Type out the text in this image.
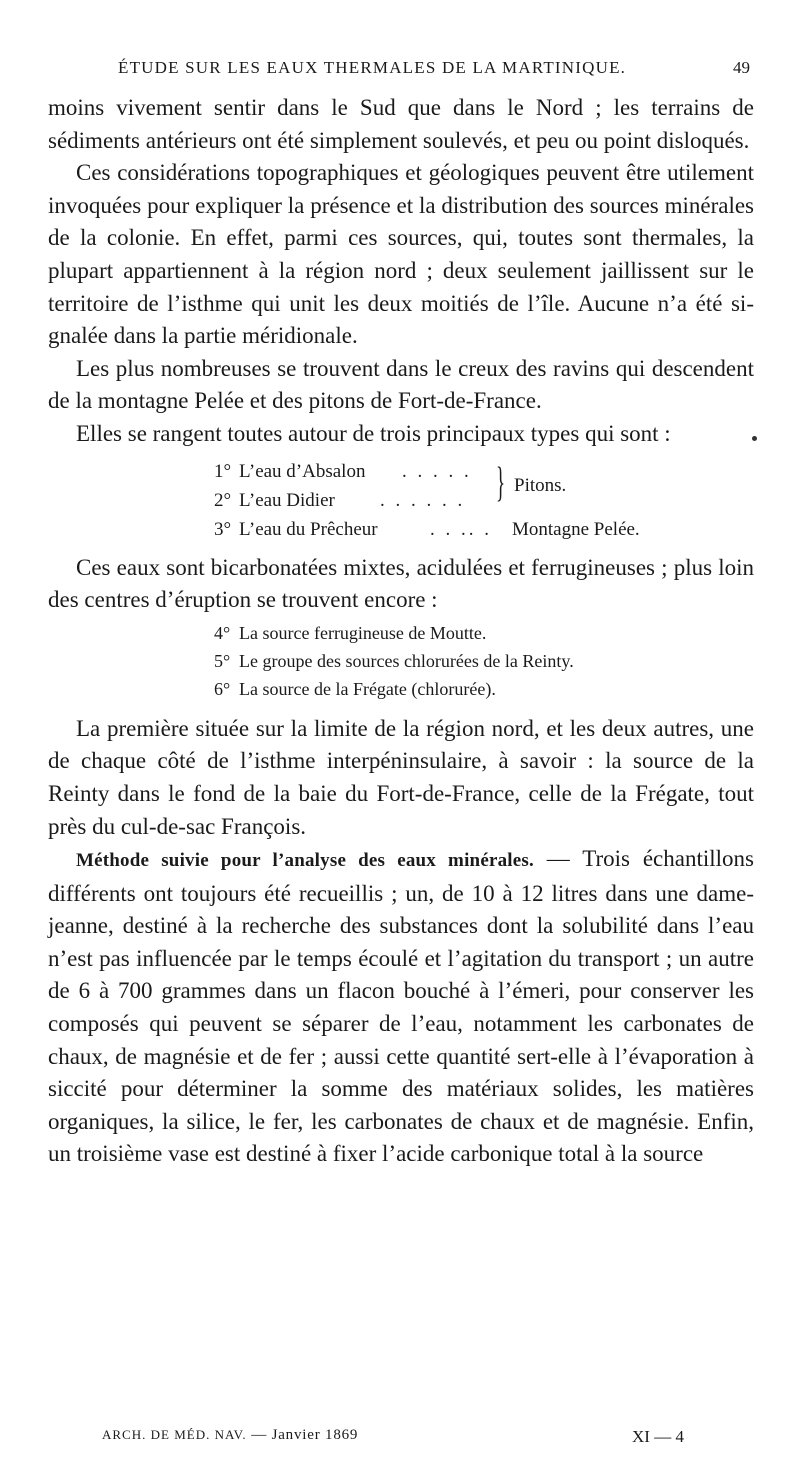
ÉTUDE SUR LES EAUX THERMALES DE LA MARTINIQUE.	49

moins vivement sentir dans le Sud que dans le Nord ; les terrains de sédiments antérieurs ont été simplement soulevés, et peu ou point disloqués.

Ces considérations topographiques et géologiques peuvent être utilement invoquées pour expliquer la présence et la distribution des sources minérales de la colonie. En effet, parmi ces sources, qui, toutes sont thermales, la plupart appartiennent à la région nord ; deux seulement jaillissent sur le territoire de l’isthme qui unit les deux moitiés de l’île. Aucune n’a été signalée dans la partie méridionale.

Les plus nombreuses se trouvent dans le creux des ravins qui descendent de la montagne Pelée et des pitons de Fort-de-France.

Elles se rangent toutes autour de trois principaux types qui sont :

1° L’eau d’Absalon . . . . .
2° L’eau Didier . . . . . . } Pitons.
3° L’eau du Prêcheur	. . .. . Montagne Pelée.

Ces eaux sont bicarbonatées mixtes, acidulées et ferrugineuses ; plus loin des centres d’éruption se trouvent encore :

4° La source ferrugineuse de Moutte.
5° Le groupe des sources chlorurées de la Reinty.
6° La source de la Frégate (chlorurée).

La première située sur la limite de la région nord, et les deux autres, une de chaque côté de l’isthme interpéninsulaire, à savoir : la source de la Reinty dans le fond de la baie du Fort-de-France, celle de la Frégate, tout près du cul-de-sac François.

Méthode suivie pour l’analyse des eaux minérales. — Trois échantillons différents ont toujours été recueillis ; un, de 10 à 12 litres dans une dame-jeanne, destiné à la recherche des substances dont la solubilité dans l’eau n’est pas influencée par le temps écoulé et l’agitation du transport ; un autre de 6 à 700 grammes dans un flacon bouché à l’émeri, pour conserver les composés qui peuvent se séparer de l’eau, notamment les carbonates de chaux, de magnésie et de fer ; aussi cette quantité sert-elle à l’évaporation à siccité pour déterminer la somme des matériaux solides, les matières organiques, la silice, le fer, les carbonates de chaux et de magnésie. Enfin, un troisième vase est destiné à fixer l’acide carbonique total à la source

ARCH. DE MÉD. NAV. — Janvier 1869	XI — 4
